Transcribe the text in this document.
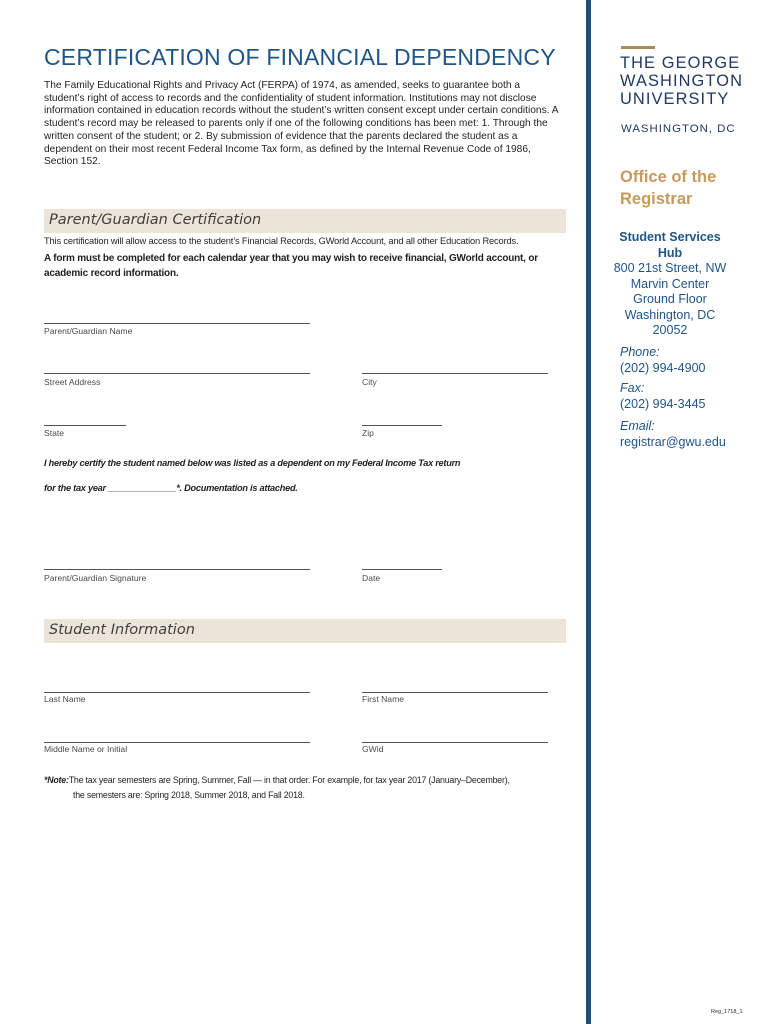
CERTIFICATION OF FINANCIAL DEPENDENCY
The Family Educational Rights and Privacy Act (FERPA) of 1974, as amended, seeks to guarantee both a student’s right of access to records and the confidentiality of student information. Institutions may not disclose information contained in education records without the student’s written consent except under certain conditions. A student’s record may be released to parents only if one of the following conditions has been met: 1. Through the written consent of the student; or 2. By submission of evidence that the parents declared the student as a dependent on their most recent Federal Income Tax form, as defined by the Internal Revenue Code of 1986, Section 152.
Parent/Guardian Certification
This certification will allow access to the student’s Financial Records, GWorld Account, and all other Education Records.
A form must be completed for each calendar year that you may wish to receive financial, GWorld account, or academic record information.
Parent/Guardian Name
Street Address	City
State	Zip
I hereby certify the student named below was listed as a dependent on my Federal Income Tax return
for the tax year ______________*. Documentation is attached.
Parent/Guardian Signature	Date
Student Information
Last Name	First Name
Middle Name or Initial	GWid
*Note:The tax year semesters are Spring, Summer, Fall — in that order. For example, for tax year 2017 (January–December),
the semesters are: Spring 2018, Summer 2018, and Fall 2018.
THE GEORGE
WASHINGTON
UNIVERSITY
WASHINGTON, DC
Office of the
Registrar
Student Services Hub
800 21st Street, NW
Marvin Center
Ground Floor
Washington, DC
20052
Phone:
(202) 994-4900
Fax:
(202) 994-3445
Email:
registrar@gwu.edu
Reg_1718_1
